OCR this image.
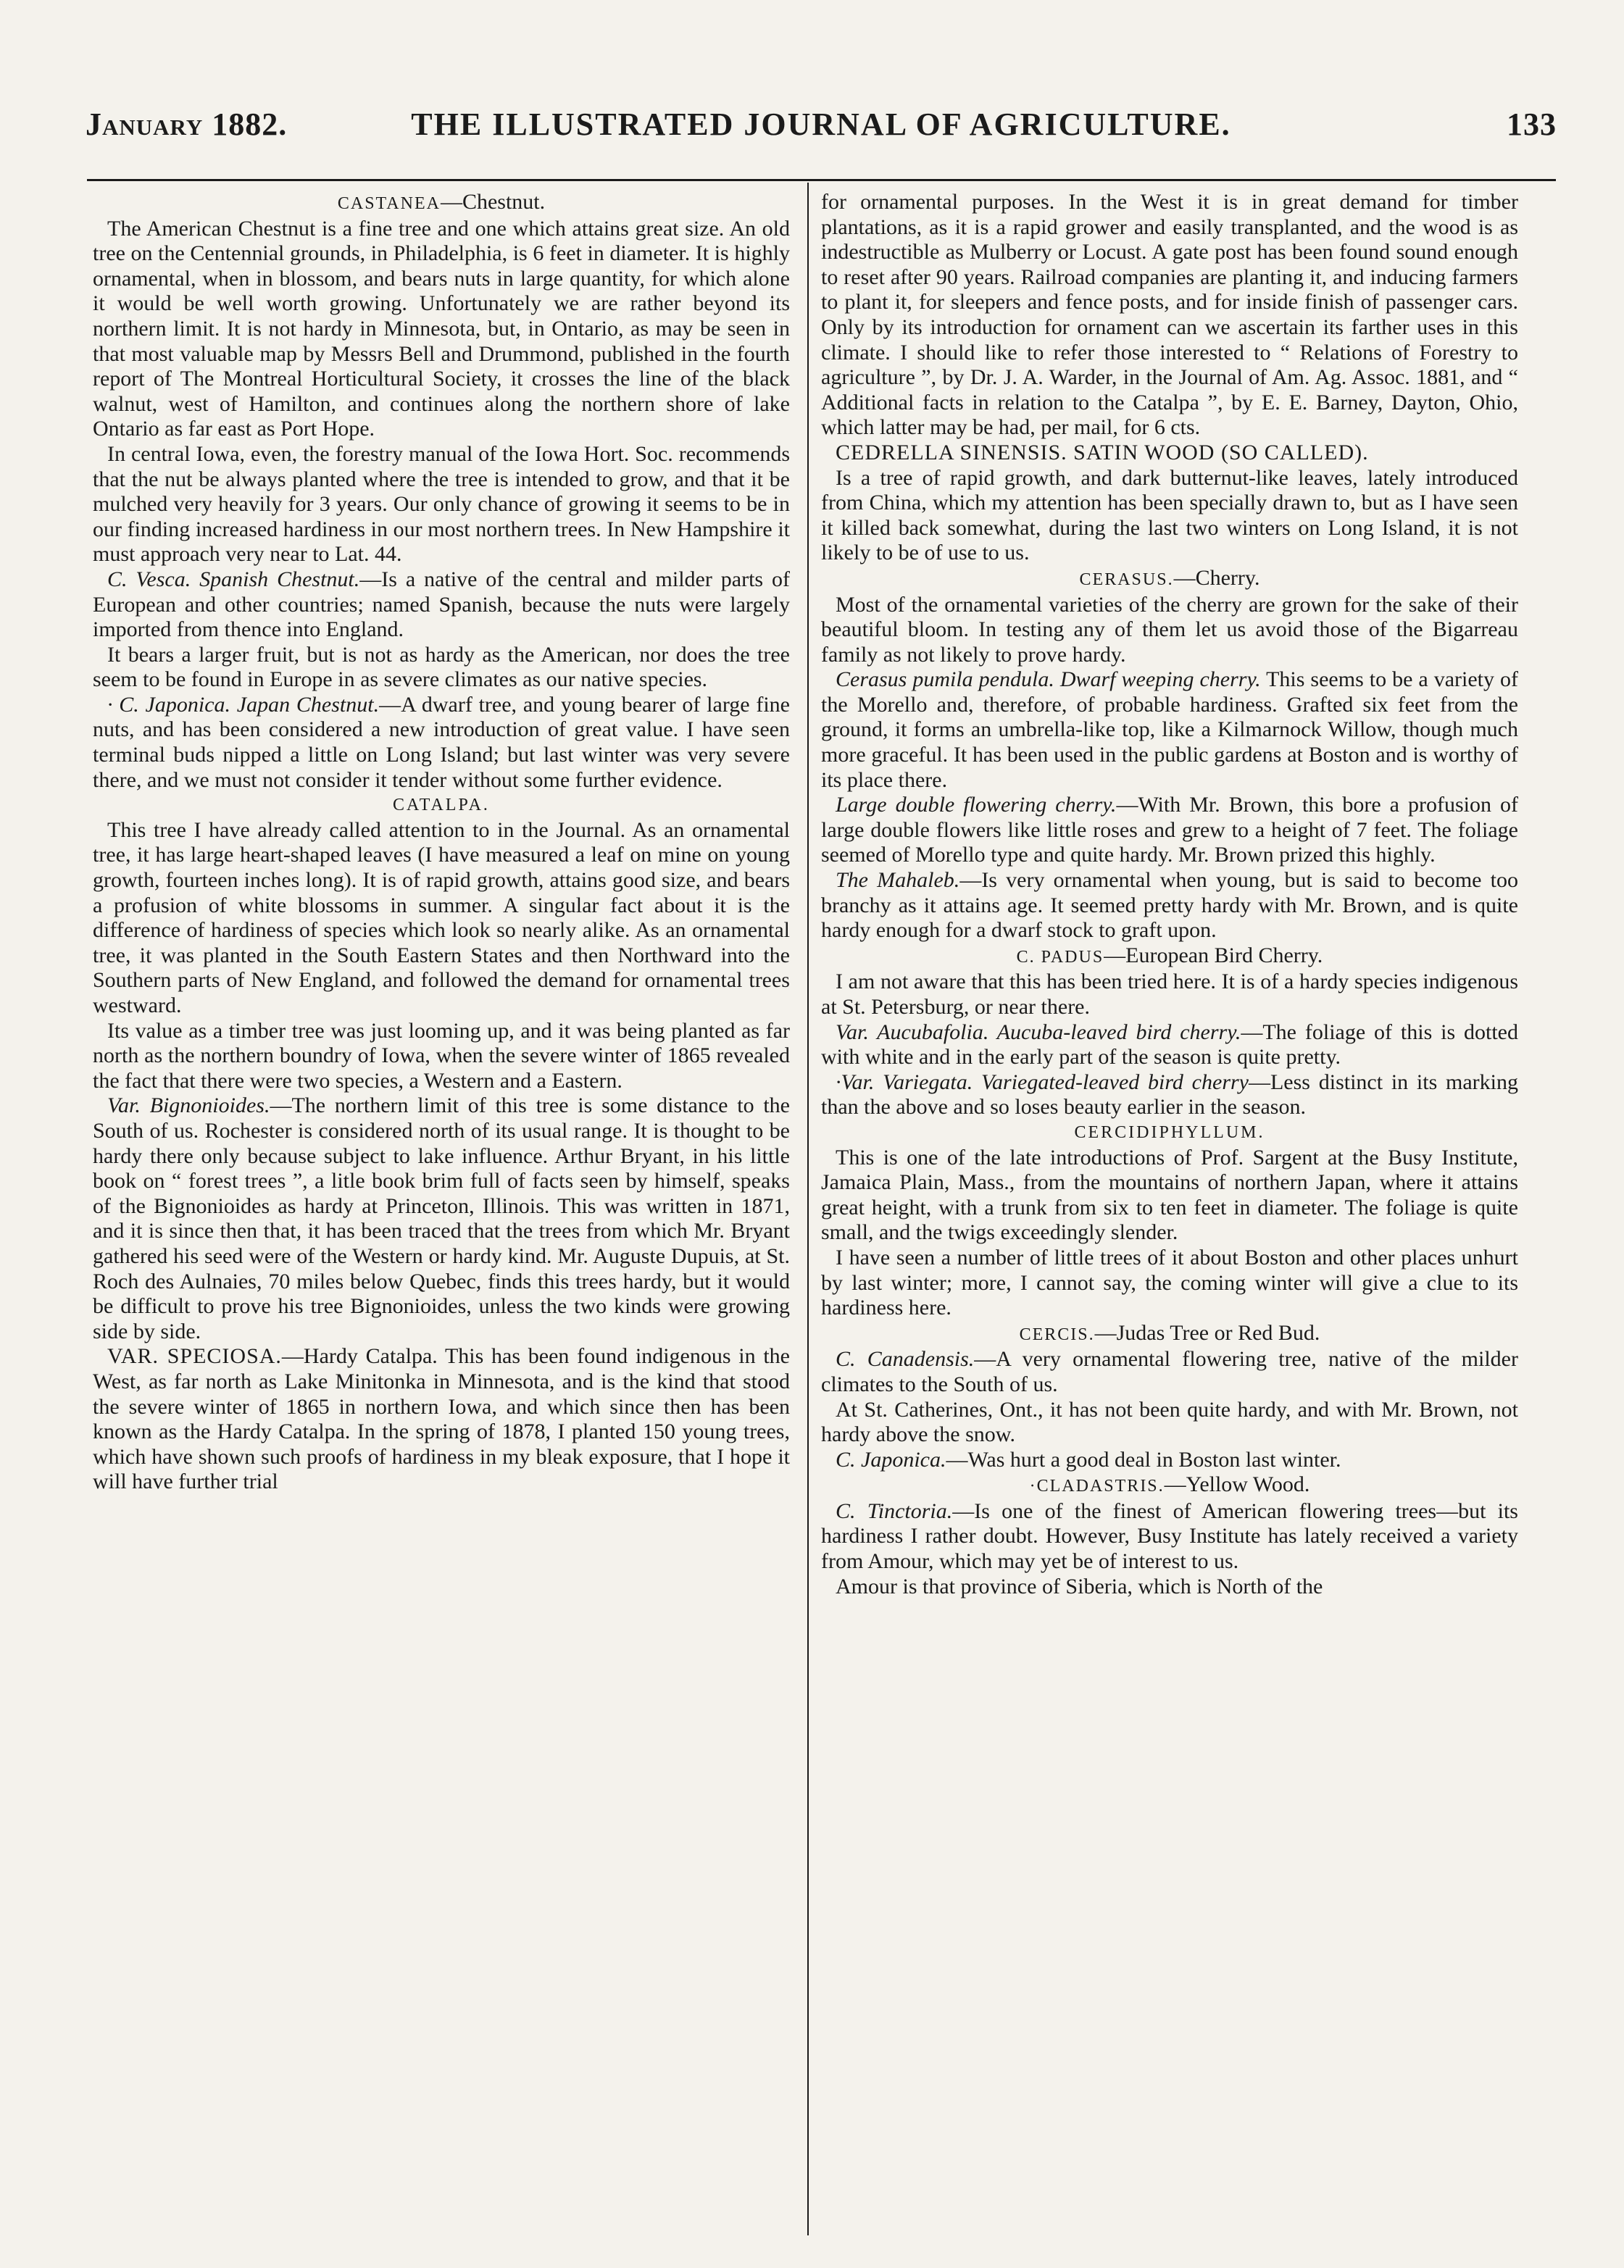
January 1882.	THE ILLUSTRATED JOURNAL OF AGRICULTURE.	133
CASTANEA—Chestnut.

The American Chestnut is a fine tree and one which attains great size. An old tree on the Centennial grounds, in Philadelphia, is 6 feet in diameter. It is highly ornamental, when in blossom, and bears nuts in large quantity, for which alone it would be well worth growing. Unfortunately we are rather beyond its northern limit. It is not hardy in Minnesota, but, in Ontario, as may be seen in that most valuable map by Messrs Bell and Drummond, published in the fourth report of The Montreal Horticultural Society, it crosses the line of the black walnut, west of Hamilton, and continues along the northern shore of lake Ontario as far east as Port Hope.

In central Iowa, even, the forestry manual of the Iowa Hort. Soc. recommends that the nut be always planted where the tree is intended to grow, and that it be mulched very heavily for 3 years. Our only chance of growing it seems to be in our finding increased hardiness in our most northern trees. In New Hampshire it must approach very near to Lat. 44.

C. Vesca. Spanish Chestnut.—Is a native of the central and milder parts of European and other countries; named Spanish, because the nuts were largely imported from thence into England.

It bears a larger fruit, but is not as hardy as the American, nor does the tree seem to be found in Europe in as severe climates as our native species.

· C. Japonica. Japan Chestnut.—A dwarf tree, and young bearer of large fine nuts, and has been considered a new introduction of great value. I have seen terminal buds nipped a little on Long Island; but last winter was very severe there, and we must not consider it tender without some further evidence.

CATALPA.

This tree I have already called attention to in the Journal. As an ornamental tree, it has large heart-shaped leaves (I have measured a leaf on mine on young growth, fourteen inches long). It is of rapid growth, attains good size, and bears a profusion of white blossoms in summer. A singular fact about it is the difference of hardiness of species which look so nearly alike. As an ornamental tree, it was planted in the South Eastern States and then Northward into the Southern parts of New England, and followed the demand for ornamental trees westward.

Its value as a timber tree was just looming up, and it was being planted as far north as the northern boundry of Iowa, when the severe winter of 1865 revealed the fact that there were two species, a Western and a Eastern.

Var. Bignonioides.—The northern limit of this tree is some distance to the South of us. Rochester is considered north of its usual range. It is thought to be hardy there only because subject to lake influence. Arthur Bryant, in his little book on “ forest trees ”, a litle book brim full of facts seen by himself, speaks of the Bignonioides as hardy at Princeton, Illinois. This was written in 1871, and it is since then that, it has been traced that the trees from which Mr. Bryant gathered his seed were of the Western or hardy kind. Mr. Auguste Dupuis, at St. Roch des Aulnaies, 70 miles below Quebec, finds this trees hardy, but it would be difficult to prove his tree Bignonioides, unless the two kinds were growing side by side.

VAR. SPECIOSA.—Hardy Catalpa. This has been found indigenous in the West, as far north as Lake Minitonka in Minnesota, and is the kind that stood the severe winter of 1865 in northern Iowa, and which since then has been known as the Hardy Catalpa. In the spring of 1878, I planted 150 young trees, which have shown such proofs of hardiness in my bleak exposure, that I hope it will have further trial

for ornamental purposes. In the West it is in great demand for timber plantations, as it is a rapid grower and easily transplanted, and the wood is as indestructible as Mulberry or Locust. A gate post has been found sound enough to reset after 90 years. Railroad companies are planting it, and inducing farmers to plant it, for sleepers and fence posts, and for inside finish of passenger cars. Only by its introduction for ornament can we ascertain its farther uses in this climate. I should like to refer those interested to “ Relations of Forestry to agriculture ”, by Dr. J. A. Warder, in the Journal of Am. Ag. Assoc. 1881, and “ Additional facts in relation to the Catalpa ”, by E. E. Barney, Dayton, Ohio, which latter may be had, per mail, for 6 cts.

CEDRELLA SINENSIS. SATIN WOOD (SO CALLED).

Is a tree of rapid growth, and dark butternut-like leaves, lately introduced from China, which my attention has been specially drawn to, but as I have seen it killed back somewhat, during the last two winters on Long Island, it is not likely to be of use to us.

CERASUS.—Cherry.

Most of the ornamental varieties of the cherry are grown for the sake of their beautiful bloom. In testing any of them let us avoid those of the Bigarreau family as not likely to prove hardy.

Cerasus pumila pendula. Dwarf weeping cherry. This seems to be a variety of the Morello and, therefore, of probable hardiness. Grafted six feet from the ground, it forms an umbrella-like top, like a Kilmarnock Willow, though much more graceful. It has been used in the public gardens at Boston and is worthy of its place there.

Large double flowering cherry.—With Mr. Brown, this bore a profusion of large double flowers like little roses and grew to a height of 7 feet. The foliage seemed of Morello type and quite hardy. Mr. Brown prized this highly.

The Mahaleb.—Is very ornamental when young, but is said to become too branchy as it attains age. It seemed pretty hardy with Mr. Brown, and is quite hardy enough for a dwarf stock to graft upon.

C. PADUS—European Bird Cherry.

I am not aware that this has been tried here. It is of a hardy species indigenous at St. Petersburg, or near there.

Var. Aucubafolia. Aucuba-leaved bird cherry.—The foliage of this is dotted with white and in the early part of the season is quite pretty.

·Var. Variegata. Variegated-leaved bird cherry—Less distinct in its marking than the above and so loses beauty earlier in the season.

CERCIDIPHYLLUM.

This is one of the late introductions of Prof. Sargent at the Busy Institute, Jamaica Plain, Mass., from the mountains of northern Japan, where it attains great height, with a trunk from six to ten feet in diameter. The foliage is quite small, and the twigs exceedingly slender.

I have seen a number of little trees of it about Boston and other places unhurt by last winter; more, I cannot say, the coming winter will give a clue to its hardiness here.

CERCIS.—Judas Tree or Red Bud.

C. Canadensis.—A very ornamental flowering tree, native of the milder climates to the South of us.

At St. Catherines, Ont., it has not been quite hardy, and with Mr. Brown, not hardy above the snow.

C. Japonica.—Was hurt a good deal in Boston last winter.

·CLADASTRIS.—Yellow Wood.

C. Tinctoria.—Is one of the finest of American flowering trees—but its hardiness I rather doubt. However, Busy Institute has lately received a variety from Amour, which may yet be of interest to us.

Amour is that province of Siberia, which is North of the
